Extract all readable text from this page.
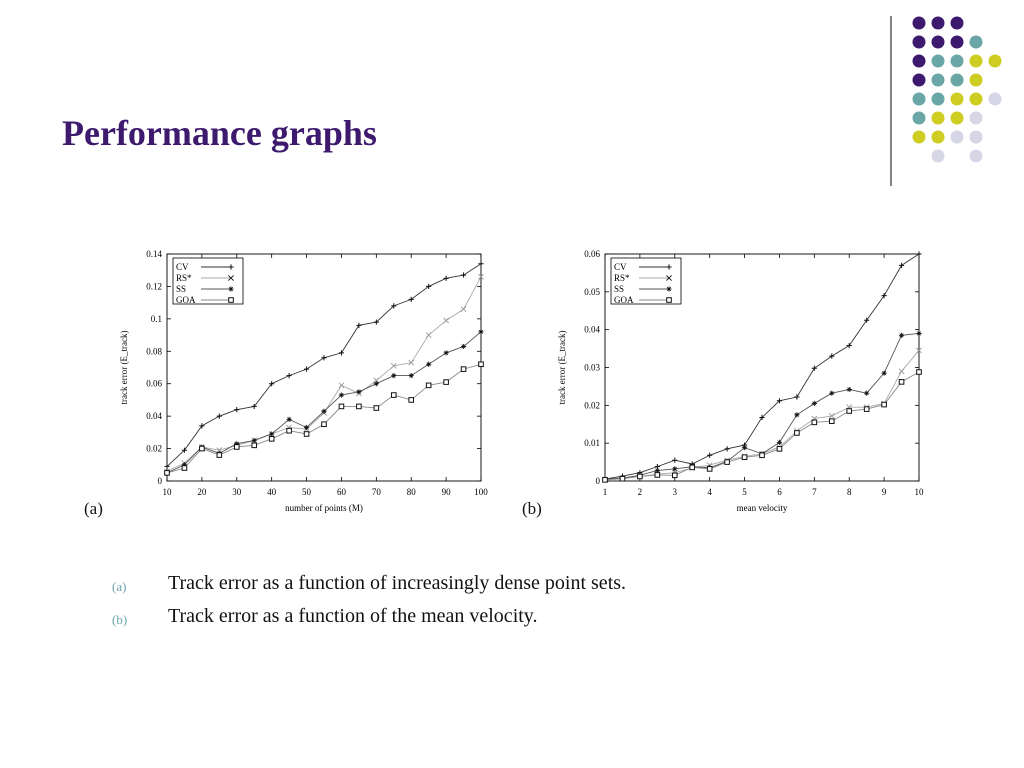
Performance graphs
0
0.02
0.04
0.06
0.08
0.1
0.12
0.14
10	20	30	40	50	60	70	80	90	100
number of points (M)
track error (E_track)
(a)
CV
RS*
SS
GOA
0
0.01
0.02
0.03
0.04
0.05
0.06
1	2	3	4	5	6	7	8	9	10
mean velocity
track error (E_track)
(b)
CV
RS*
SS
GOA
(a) Track error as a function of increasingly dense point sets.
(b) Track error as a function of the mean velocity.
